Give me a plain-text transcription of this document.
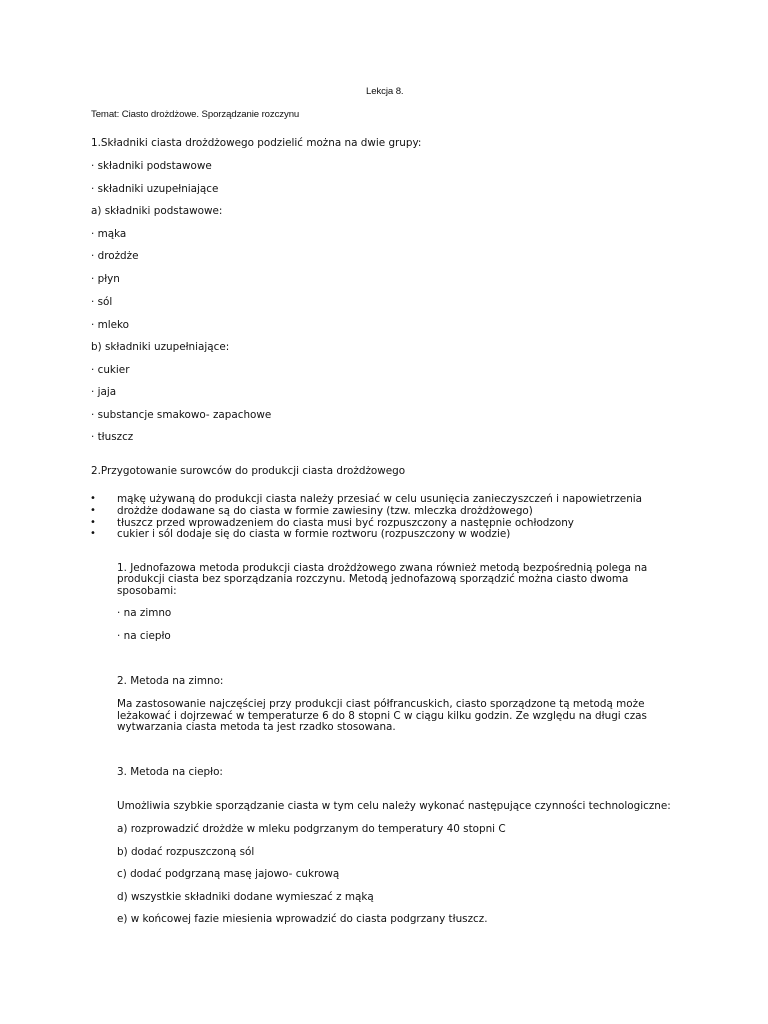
Lekcja 8.

Temat: Ciasto drożdżowe. Sporządzanie rozczynu

1.Składniki ciasta drożdżowego podzielić można na dwie grupy:

· składniki podstawowe

· składniki uzupełniające

a) składniki podstawowe:

· mąka

· drożdże

· płyn

· sól

· mleko

b) składniki uzupełniające:

· cukier

· jaja

· substancje smakowo- zapachowe

· tłuszcz

2.Przygotowanie surowców do produkcji ciasta drożdżowego

• mąkę używaną do produkcji ciasta należy przesiać w celu usunięcia zanieczyszczeń i napowietrzenia

• drożdże dodawane są do ciasta w formie zawiesiny (tzw. mleczka drożdżowego)

• tłuszcz przed wprowadzeniem do ciasta musi być rozpuszczony a następnie ochłodzony

• cukier i sól dodaje się do ciasta w formie roztworu (rozpuszczony w wodzie)

1. Jednofazowa metoda produkcji ciasta drożdżowego zwana również metodą bezpośrednią polega na

produkcji ciasta bez sporządzania rozczynu. Metodą jednofazową sporządzić można ciasto dwoma

sposobami:

· na zimno

· na ciepło

2. Metoda na zimno:

Ma zastosowanie najczęściej przy produkcji ciast półfrancuskich, ciasto sporządzone tą metodą może

leżakować i dojrzewać w temperaturze 6 do 8 stopni C w ciągu kilku godzin. Ze względu na długi czas

wytwarzania ciasta metoda ta jest rzadko stosowana.

3. Metoda na ciepło:

Umożliwia szybkie sporządzanie ciasta w tym celu należy wykonać następujące czynności technologiczne:

a) rozprowadzić drożdże w mleku podgrzanym do temperatury 40 stopni C

b) dodać rozpuszczoną sól

c) dodać podgrzaną masę jajowo- cukrową

d) wszystkie składniki dodane wymieszać z mąką

e) w końcowej fazie miesienia wprowadzić do ciasta podgrzany tłuszcz.
